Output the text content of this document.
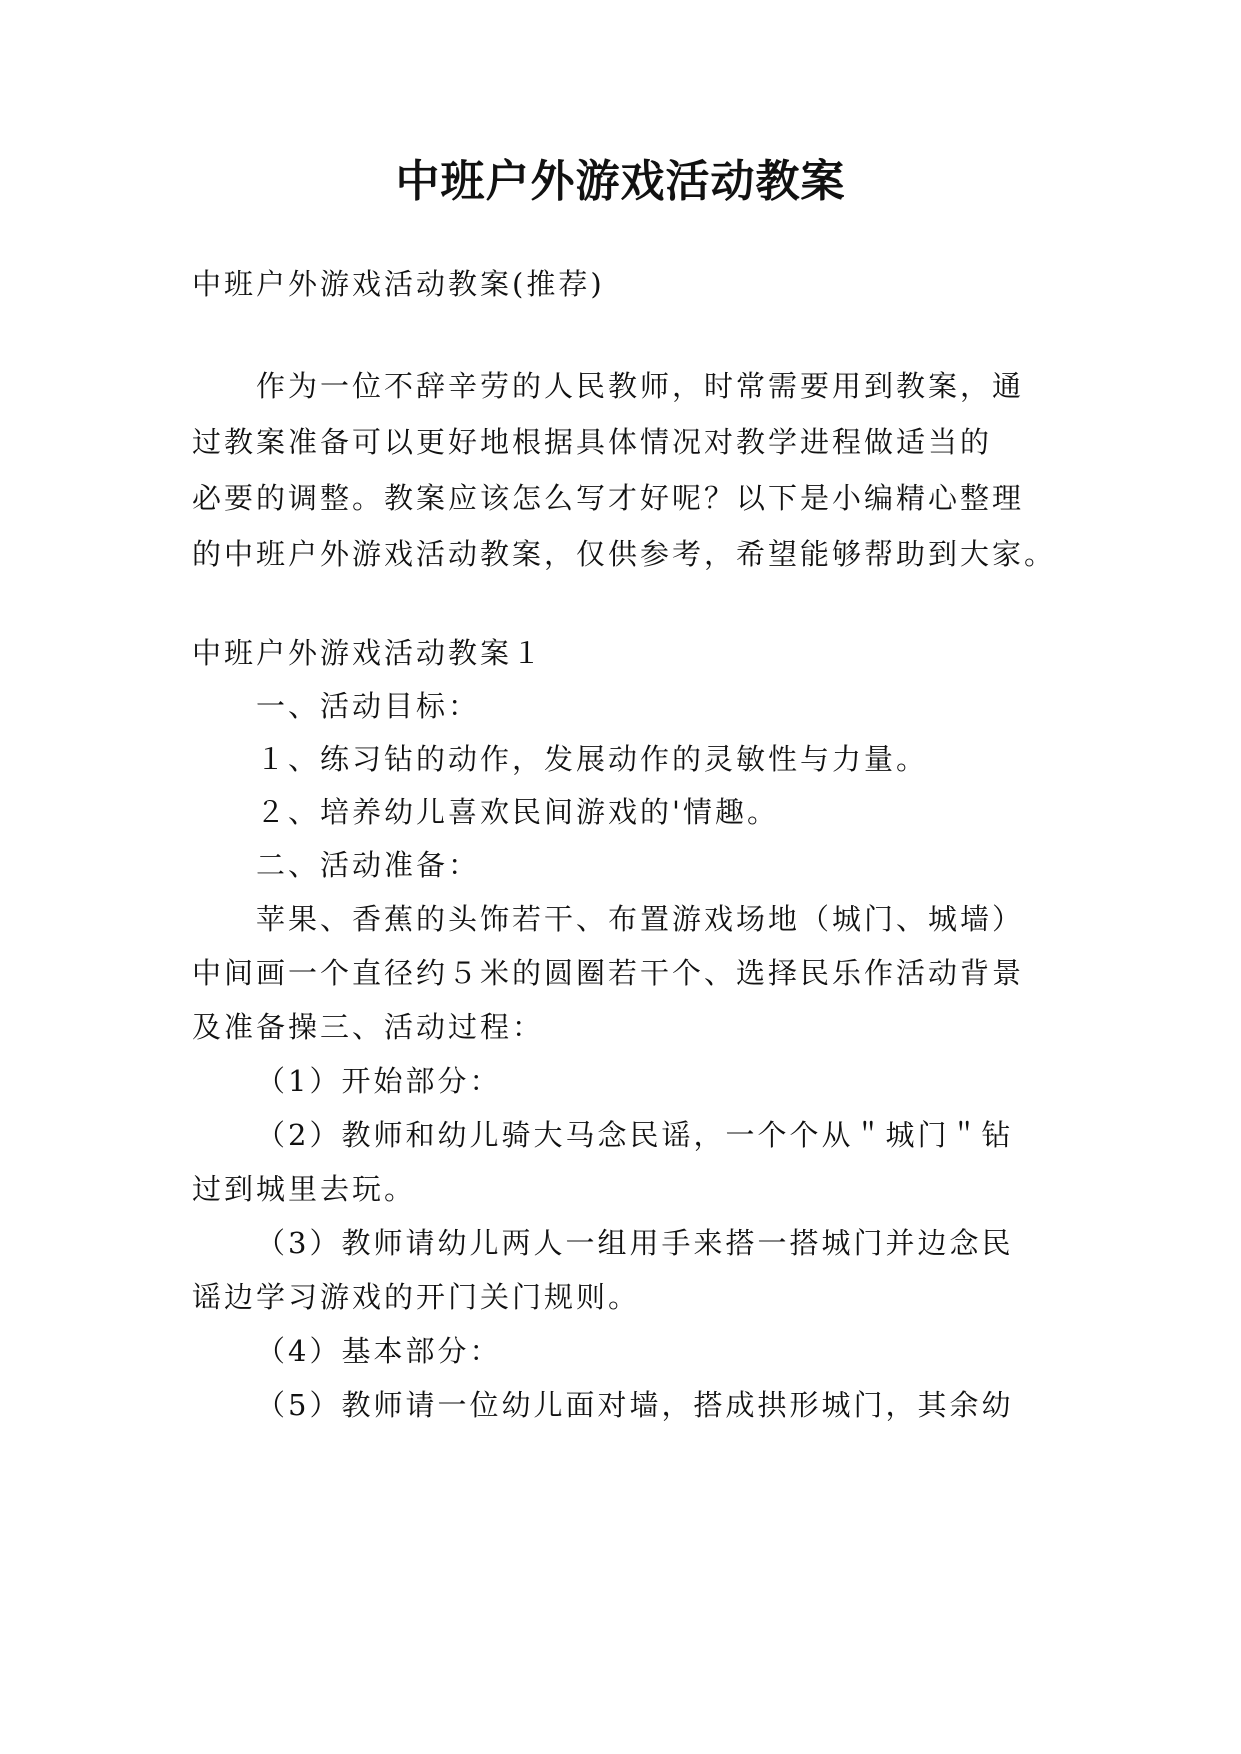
中班户外游戏活动教案

中班户外游戏活动教案(推荐)

作为一位不辞辛劳的人民教师，时常需要用到教案，通

过教案准备可以更好地根据具体情况对教学进程做适当的

必要的调整。教案应该怎么写才好呢？以下是小编精心整理

的中班户外游戏活动教案，仅供参考，希望能够帮助到大家。

中班户外游戏活动教案１

一、活动目标：

１、练习钻的动作，发展动作的灵敏性与力量。

２、培养幼儿喜欢民间游戏的'情趣。

二、活动准备：

苹果、香蕉的头饰若干、布置游戏场地（城门、城墙）

中间画一个直径约５米的圆圈若干个、选择民乐作活动背景

及准备操三、活动过程：

（1）开始部分：

（2）教师和幼儿骑大马念民谣，一个个从＂城门＂钻

过到城里去玩。

（3）教师请幼儿两人一组用手来搭一搭城门并边念民

谣边学习游戏的开门关门规则。

（4）基本部分：

（5）教师请一位幼儿面对墙，搭成拱形城门，其余幼
